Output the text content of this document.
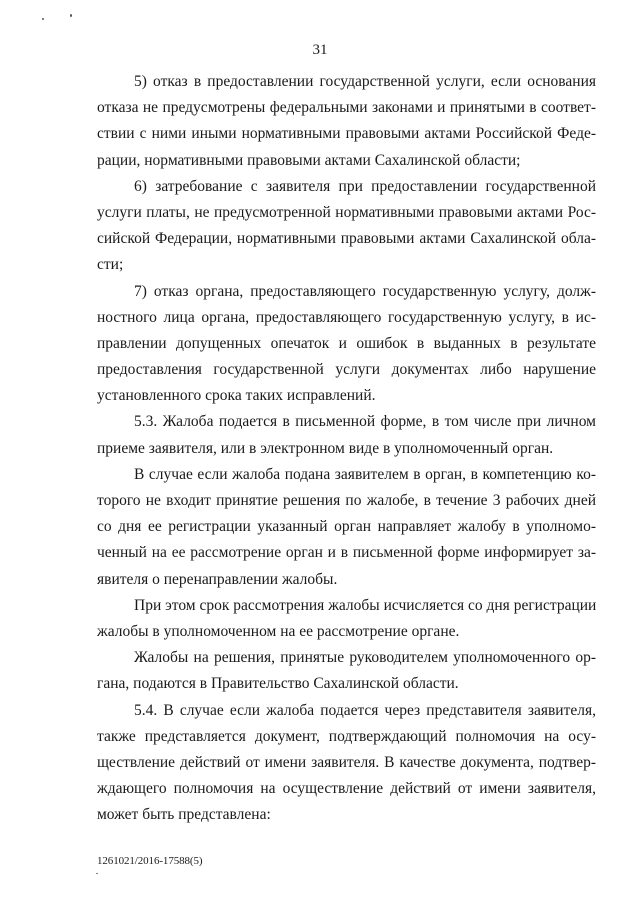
31
5) отказ в предоставлении государственной услуги, если основания
отказа не предусмотрены федеральными законами и принятыми в соответ-
ствии с ними иными нормативными правовыми актами Российской Феде-
рации, нормативными правовыми актами Сахалинской области;
6) затребование с заявителя при предоставлении государственной
услуги платы, не предусмотренной нормативными правовыми актами Рос-
сийской Федерации, нормативными правовыми актами Сахалинской обла-
сти;
7) отказ органа, предоставляющего государственную услугу, долж-
ностного лица органа, предоставляющего государственную услугу, в ис-
правлении допущенных опечаток и ошибок в выданных в результате
предоставления государственной услуги документах либо нарушение
установленного срока таких исправлений.
5.3. Жалоба подается в письменной форме, в том числе при личном
приеме заявителя, или в электронном виде в уполномоченный орган.
В случае если жалоба подана заявителем в орган, в компетенцию ко-
торого не входит принятие решения по жалобе, в течение 3 рабочих дней
со дня ее регистрации указанный орган направляет жалобу в уполномо-
ченный на ее рассмотрение орган и в письменной форме информирует за-
явителя о перенаправлении жалобы.
При этом срок рассмотрения жалобы исчисляется со дня регистрации
жалобы в уполномоченном на ее рассмотрение органе.
Жалобы на решения, принятые руководителем уполномоченного ор-
гана, подаются в Правительство Сахалинской области.
5.4. В случае если жалоба подается через представителя заявителя,
также представляется документ, подтверждающий полномочия на осу-
ществление действий от имени заявителя. В качестве документа, подтвер-
ждающего полномочия на осуществление действий от имени заявителя,
может быть представлена:
1261021/2016-17588(5)
